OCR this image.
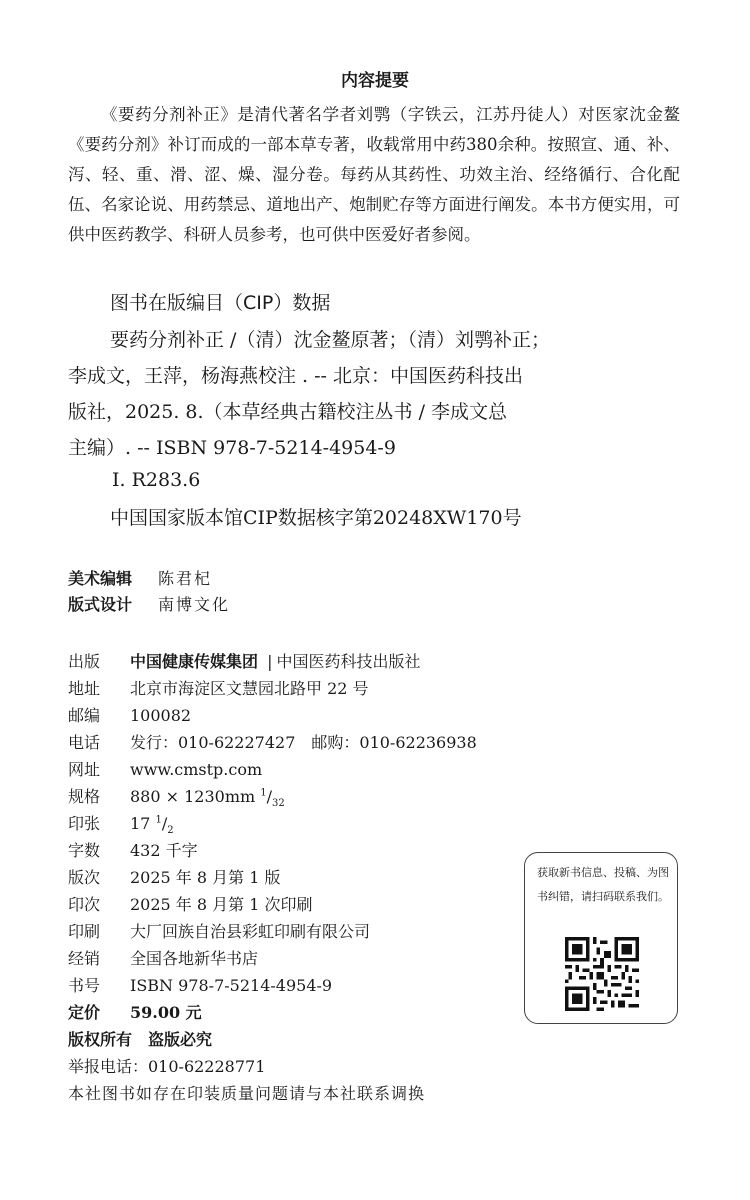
内容提要

《要药分剂补正》是清代著名学者刘鹗（字铁云，江苏丹徒人）对医家沈金鳌《要药分剂》补订而成的一部本草专著，收载常用中药380余种。按照宣、通、补、泻、轻、重、滑、涩、燥、湿分卷。每药从其药性、功效主治、经络循行、合化配伍、名家论说、用药禁忌、道地出产、炮制贮存等方面进行阐发。本书方便实用，可供中医药教学、科研人员参考，也可供中医爱好者参阅。

图书在版编目（CIP）数据
要药分剂补正 /（清）沈金鳌原著；（清）刘鹗补正；
李成文，王萍，杨海燕校注 . -- 北京：中国医药科技出
版社，2025. 8.（本草经典古籍校注丛书 / 李成文总
主编）. -- ISBN 978-7-5214-4954-9
Ⅰ. R283.6
中国国家版本馆CIP数据核字第20248XW170号
美术编辑 陈君杞
版式设计 南博文化
出版 中国健康传媒集团 | 中国医药科技出版社
地址 北京市海淀区文慧园北路甲 22 号
邮编 100082
电话 发行：010-62227427　邮购：010-62236938
网址 www.cmstp.com
规格 880 × 1230mm $^1/_{32}$
印张 17 $^1/_2$
字数 432 千字
版次 2025 年 8 月第 1 版
印次 2025 年 8 月第 1 次印刷
印刷 大厂回族自治县彩虹印刷有限公司
经销 全国各地新华书店
书号 ISBN 978-7-5214-4954-9
定价 59.00 元
版权所有　盗版必究
举报电话：010-62228771
本社图书如存在印装质量问题请与本社联系调换
获取新书信息、投稿、为图书纠错，请扫码联系我们。
